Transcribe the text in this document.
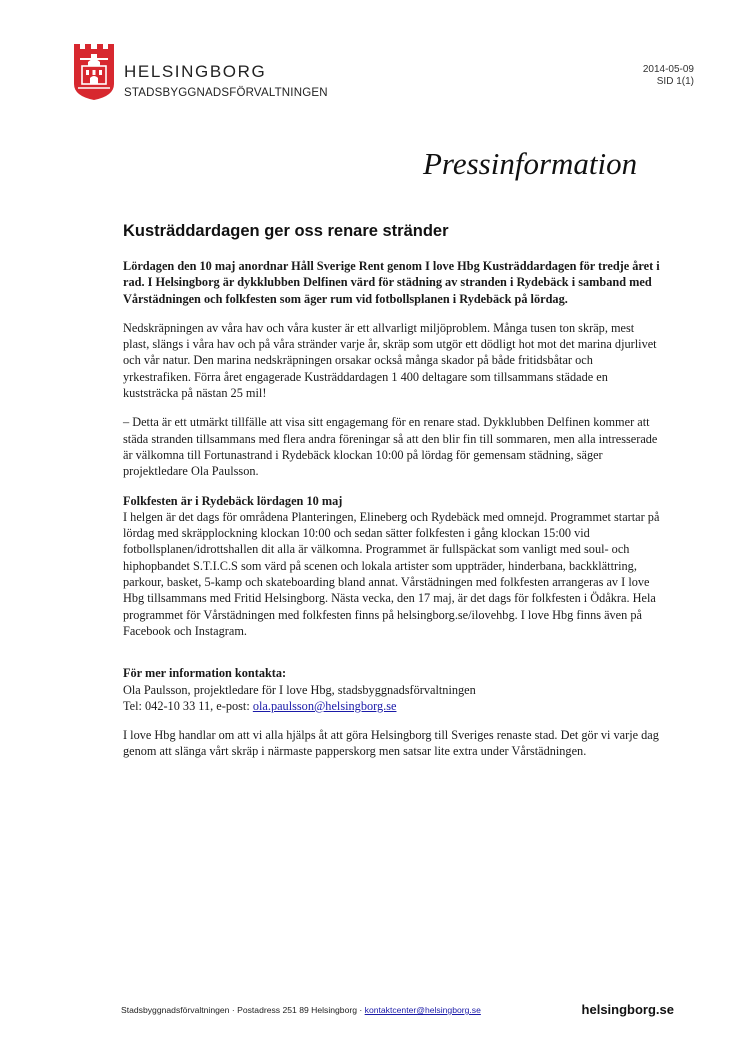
HELSINGBORG
STADSBYGGNADSFÖRVALTNINGEN
2014-05-09
SID 1(1)
Pressinformation
Kusträddardagen ger oss renare stränder

Lördagen den 10 maj anordnar Håll Sverige Rent genom I love Hbg Kusträddardagen för tredje året i rad. I Helsingborg är dykklubben Delfinen värd för städning av stranden i Rydebäck i samband med Vårstädningen och folkfesten som äger rum vid fotbollsplanen i Rydebäck på lördag.

Nedskräpningen av våra hav och våra kuster är ett allvarligt miljöproblem. Många tusen ton skräp, mest plast, slängs i våra hav och på våra stränder varje år, skräp som utgör ett dödligt hot mot det marina djurlivet och vår natur. Den marina nedskräpningen orsakar också många skador på både fritidsbåtar och yrkestrafiken. Förra året engagerade Kusträddardagen 1 400 deltagare som tillsammans städade en kuststräcka på nästan 25 mil!

– Detta är ett utmärkt tillfälle att visa sitt engagemang för en renare stad. Dykklubben Delfinen kommer att städa stranden tillsammans med flera andra föreningar så att den blir fin till sommaren, men alla intresserade är välkomna till Fortunastrand i Rydebäck klockan 10:00 på lördag för gemensam städning, säger projektledare Ola Paulsson.

Folkfesten är i Rydebäck lördagen 10 maj
I helgen är det dags för områdena Planteringen, Elineberg och Rydebäck med omnejd. Programmet startar på lördag med skräpplockning klockan 10:00 och sedan sätter folkfesten i gång klockan 15:00 vid fotbollsplanen/idrottshallen dit alla är välkomna. Programmet är fullspäckat som vanligt med soul- och hiphopbandet S.T.I.C.S som värd på scenen och lokala artister som uppträder, hinderbana, backklättring, parkour, basket, 5-kamp och skateboarding bland annat. Vårstädningen med folkfesten arrangeras av I love Hbg tillsammans med Fritid Helsingborg. Nästa vecka, den 17 maj, är det dags för folkfesten i Ödåkra. Hela programmet för Vårstädningen med folkfesten finns på helsingborg.se/ilovehbg. I love Hbg finns även på Facebook och Instagram.

För mer information kontakta:
Ola Paulsson, projektledare för I love Hbg, stadsbyggnadsförvaltningen
Tel: 042-10 33 11, e-post: ola.paulsson@helsingborg.se

I love Hbg handlar om att vi alla hjälps åt att göra Helsingborg till Sveriges renaste stad. Det gör vi varje dag genom att slänga vårt skräp i närmaste papperskorg men satsar lite extra under Vårstädningen.

Stadsbyggnadsförvaltningen · Postadress 251 89 Helsingborg · kontaktcenter@helsingborg.se	helsingborg.se
